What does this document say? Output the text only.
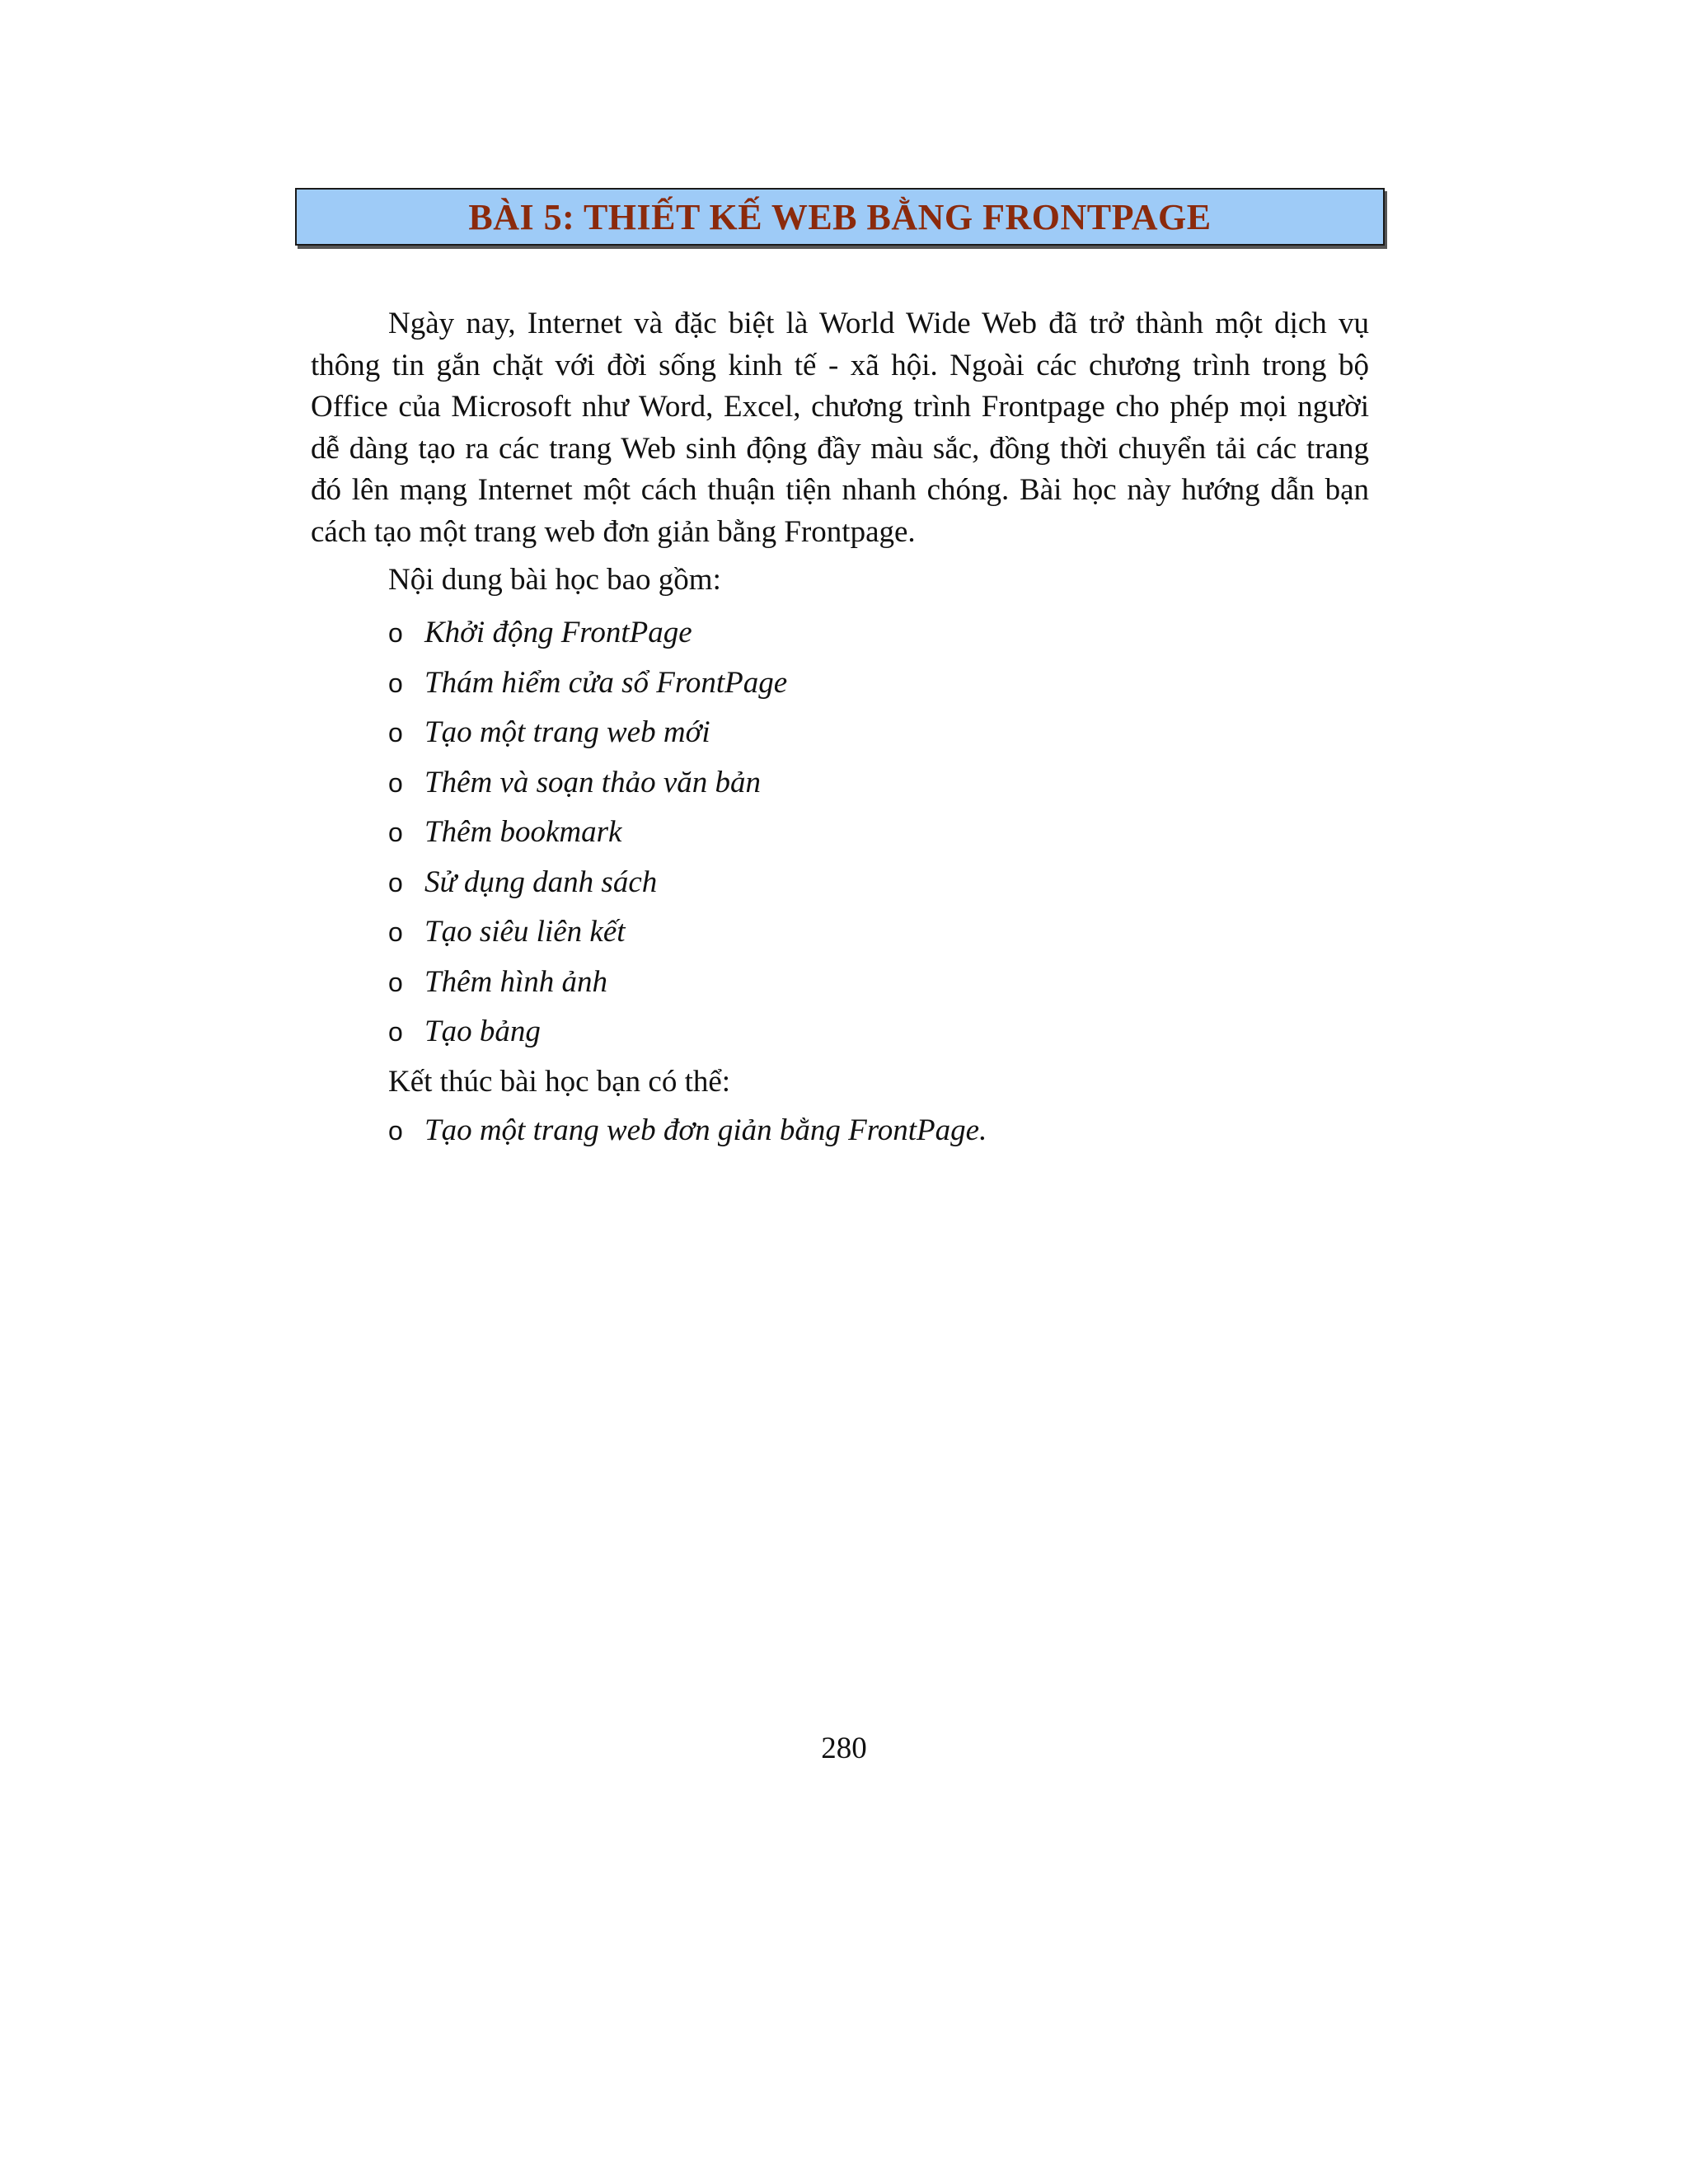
BÀI 5: THIẾT KẾ WEB BẰNG FRONTPAGE

Ngày nay, Internet và đặc biệt là World Wide Web đã trở thành một dịch vụ thông tin gắn chặt với đời sống kinh tế - xã hội. Ngoài các chương trình trong bộ Office của Microsoft như Word, Excel, chương trình Frontpage cho phép mọi người dễ dàng tạo ra các trang Web sinh động đầy màu sắc, đồng thời chuyển tải các trang đó lên mạng Internet một cách thuận tiện nhanh chóng. Bài học này hướng dẫn bạn cách tạo một trang web đơn giản bằng Frontpage.

Nội dung bài học bao gồm:

o Khởi động FrontPage
o Thám hiểm cửa sổ FrontPage
o Tạo một trang web mới
o Thêm và soạn thảo văn bản
o Thêm bookmark
o Sử dụng danh sách
o Tạo siêu liên kết
o Thêm hình ảnh
o Tạo bảng

Kết thúc bài học bạn có thể:

o Tạo một trang web đơn giản bằng FrontPage.

280
